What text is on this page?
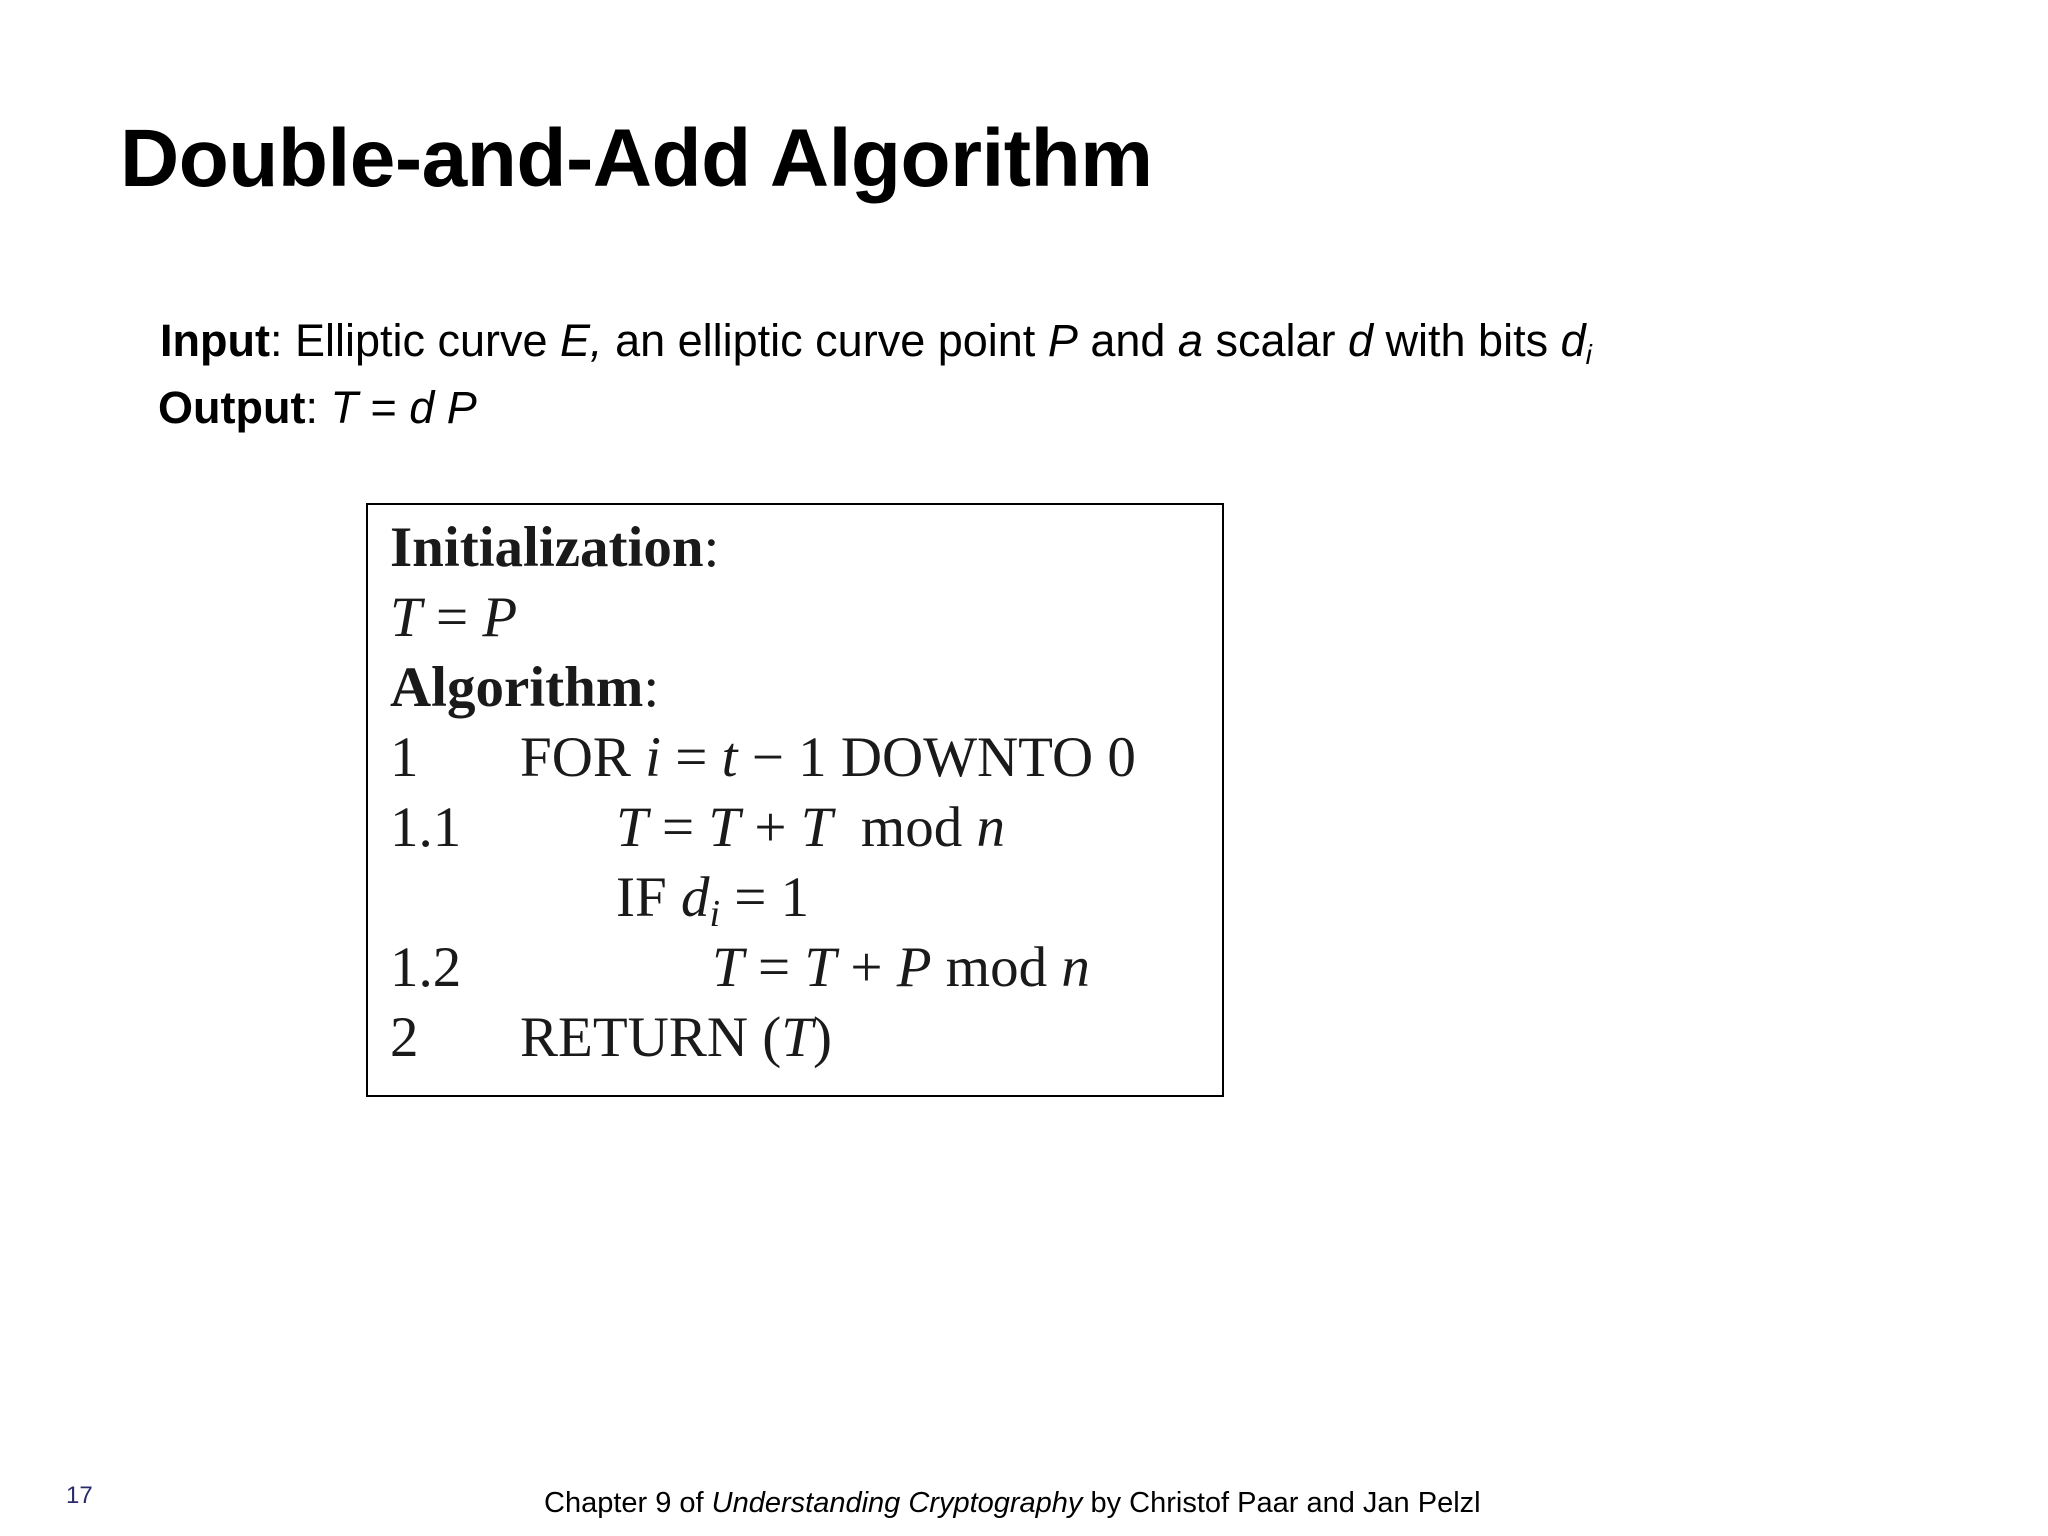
Double-and-Add Algorithm
Input: Elliptic curve E, an elliptic curve point P and a scalar d with bits $d_i$
Output: T = d P
Initialization:
T = P
Algorithm:
1 FOR i = t − 1 DOWNTO 0
1.1	T = T + T  mod n
IF $d_i = 1$
1.2	T = T + P mod n
2 RETURN (T)
17	Chapter 9 of Understanding Cryptography by Christof Paar and Jan Pelzl
